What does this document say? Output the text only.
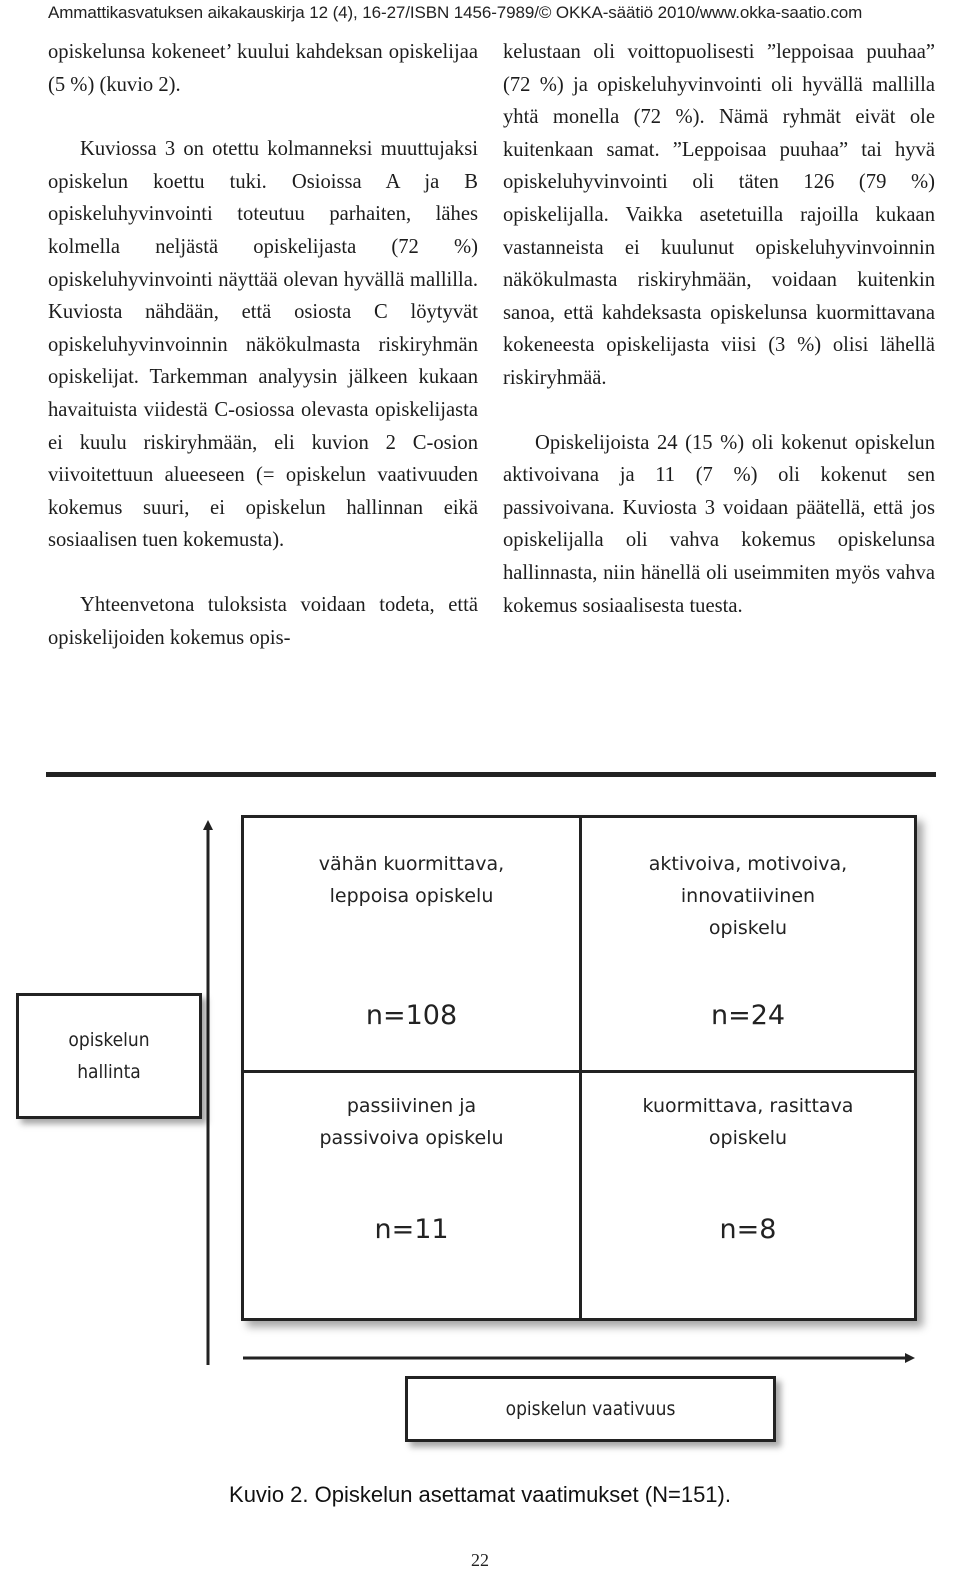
Ammattikasvatuksen aikakauskirja 12 (4), 16-27/ISBN 1456-7989/© OKKA-säätiö 2010/www.okka-saatio.com

opiskelunsa kokeneet’ kuului kahdeksan opiskelijaa (5 %) (kuvio 2).

Kuviossa 3 on otettu kolmanneksi muuttujaksi opiskelun koettu tuki. Osioissa A ja B opiskeluhyvinvointi toteutuu parhaiten, lähes kolmella neljästä opiskelijasta (72 %) opiskeluhyvinvointi näyttää olevan hyvällä mallilla. Kuviosta nähdään, että osiosta C löytyvät opiskeluhyvinvoinnin näkökulmasta riskiryhmän opiskelijat. Tarkemman analyysin jälkeen kukaan havaituista viidestä C-osiossa olevasta opiskelijasta ei kuulu riskiryhmään, eli kuvion 2 C-osion viivoitettuun alueeseen (= opiskelun vaativuuden kokemus suuri, ei opiskelun hallinnan eikä sosiaalisen tuen kokemusta).

Yhteenvetona tuloksista voidaan todeta, että opiskelijoiden kokemus opis-

kelustaan oli voittopuolisesti ”leppoisaa puuhaa” (72 %) ja opiskeluhyvinvointi oli hyvällä mallilla yhtä monella (72 %). Nämä ryhmät eivät ole kuitenkaan samat. ”Leppoisaa puuhaa” tai hyvä opiskeluhyvinvointi oli täten 126 (79 %) opiskelijalla. Vaikka asetetuilla rajoilla kukaan vastanneista ei kuulunut opiskeluhyvinvoinnin näkökulmasta riskiryhmään, voidaan kuitenkin sanoa, että kahdeksasta opiskelunsa kuormittavana kokeneesta opiskelijasta viisi (3 %) olisi lähellä riskiryhmää.

Opiskelijoista 24 (15 %) oli kokenut opiskelun aktivoivana ja 11 (7 %) oli kokenut sen passivoivana. Kuviosta 3 voidaan päätellä, että jos opiskelijalla oli vahva kokemus opiskelunsa hallinnasta, niin hänellä oli useimmiten myös vahva kokemus sosiaalisesta tuesta.

opiskelun
hallinta
vähän kuormittava,
leppoisa opiskelu
n=108
aktivoiva, motivoiva,
innovatiivinen
opiskelu
n=24
passiivinen ja
passivoiva opiskelu
n=11
kuormittava, rasittava
opiskelu
n=8
opiskelun vaativuus
Kuvio 2. Opiskelun asettamat vaatimukset (N=151).
22
